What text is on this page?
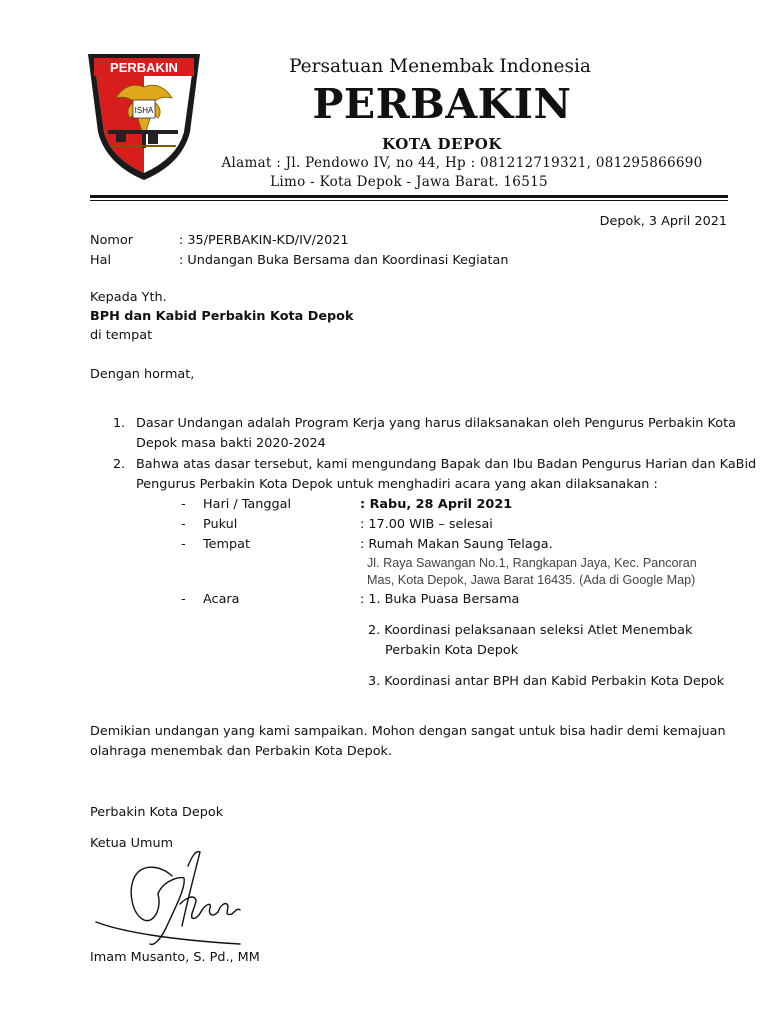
PERBAKIN
ISHA
Persatuan Menembak Indonesia
PERBAKIN
KOTA DEPOK
Alamat : Jl. Pendowo IV, no 44, Hp : 081212719321, 081295866690
Limo - Kota Depok - Jawa Barat. 16515
Depok, 3 April 2021
Nomor	: 35/PERBAKIN-KD/IV/2021
Hal	: Undangan Buka Bersama dan Koordinasi Kegiatan
Kepada Yth.
BPH dan Kabid Perbakin Kota Depok
di tempat
Dengan hormat,
1. Dasar Undangan adalah Program Kerja yang harus dilaksanakan oleh Pengurus Perbakin Kota
Depok masa bakti 2020-2024
2. Bahwa atas dasar tersebut, kami mengundang Bapak dan Ibu Badan Pengurus Harian dan KaBid
Pengurus Perbakin Kota Depok untuk menghadiri acara yang akan dilaksanakan :
- Hari / Tanggal	: Rabu, 28 April 2021
- Pukul	: 17.00 WIB – selesai
- Tempat	: Rumah Makan Saung Telaga.
Jl. Raya Sawangan No.1, Rangkapan Jaya, Kec. Pancoran
Mas, Kota Depok, Jawa Barat 16435. (Ada di Google Map)
- Acara	: 1. Buka Puasa Bersama
2. Koordinasi pelaksanaan seleksi Atlet Menembak
Perbakin Kota Depok
3. Koordinasi antar BPH dan Kabid Perbakin Kota Depok
Demikian undangan yang kami sampaikan. Mohon dengan sangat untuk bisa hadir demi kemajuan
olahraga menembak dan Perbakin Kota Depok.
Perbakin Kota Depok
Ketua Umum
Imam Musanto, S. Pd., MM
